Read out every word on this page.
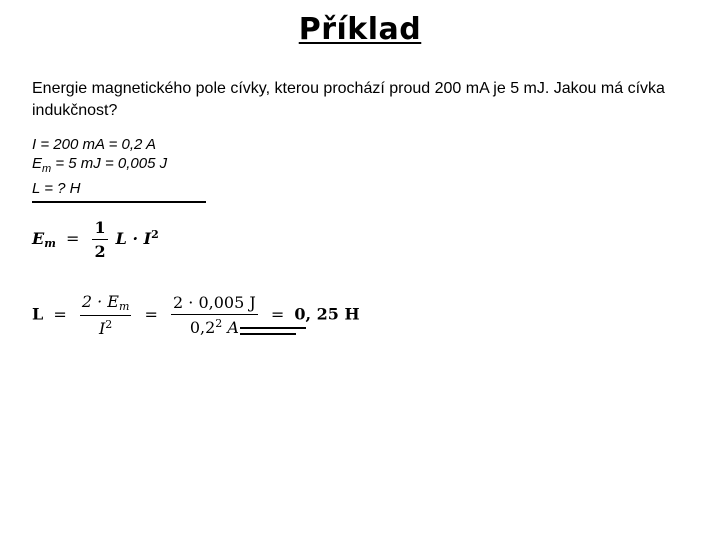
Příklad
Energie magnetického pole cívky, kterou prochází proud 200 mA je 5 mJ. Jakou má cívka indukčnost?
I = 200 mA = 0,2 A
$E_m = 5$ mJ = 0,005 J
L = ? H
$E_m = \frac{1}{2}$ $L \cdot I^2$
$L = \frac{2 \cdot E_m}{I^2} = \frac{2 \cdot 0,005 J}{0,2^2 A} = 0$, 25 H
